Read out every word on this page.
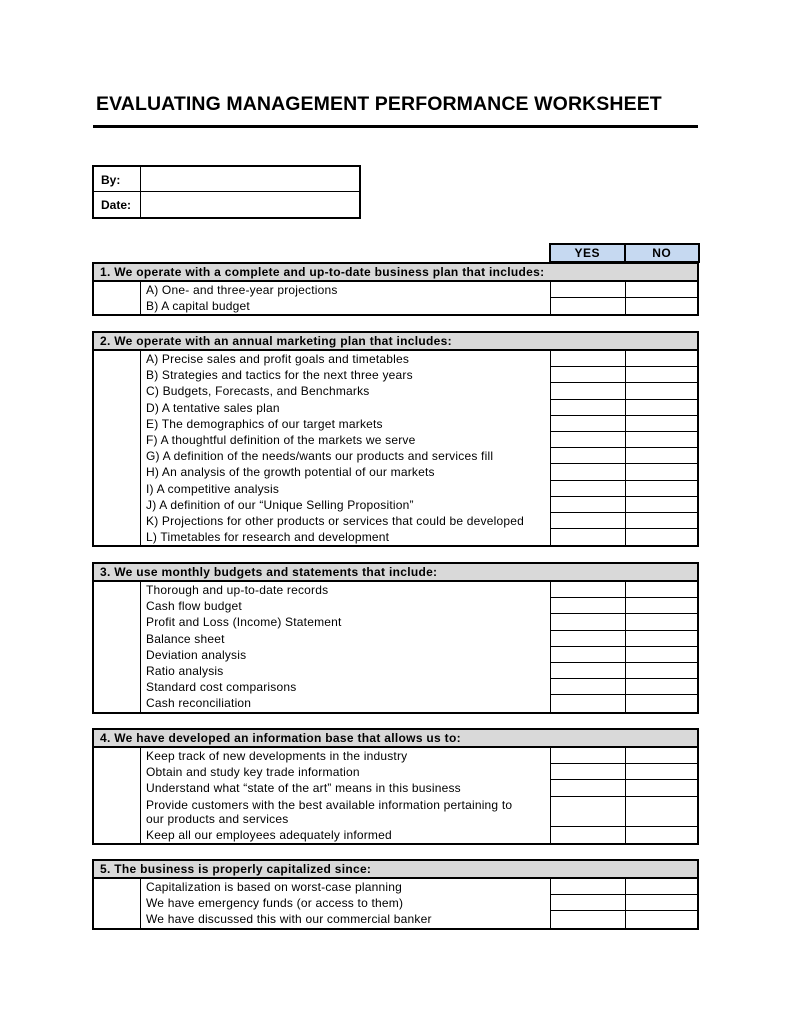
EVALUATING MANAGEMENT PERFORMANCE WORKSHEET
By:
Date:
YES	NO
1. We operate with a complete and up-to-date business plan that includes:
A) One- and three-year projections
B) A capital budget
2. We operate with an annual marketing plan that includes:
A) Precise sales and profit goals and timetables
B) Strategies and tactics for the next three years
C) Budgets, Forecasts, and Benchmarks
D) A tentative sales plan
E) The demographics of our target markets
F) A thoughtful definition of the markets we serve
G) A definition of the needs/wants our products and services fill
H) An analysis of the growth potential of our markets
I) A competitive analysis
J) A definition of our “Unique Selling Proposition”
K) Projections for other products or services that could be developed
L) Timetables for research and development
3. We use monthly budgets and statements that include:
Thorough and up-to-date records
Cash flow budget
Profit and Loss (Income) Statement
Balance sheet
Deviation analysis
Ratio analysis
Standard cost comparisons
Cash reconciliation
4. We have developed an information base that allows us to:
Keep track of new developments in the industry
Obtain and study key trade information
Understand what “state of the art” means in this business
Provide customers with the best available information pertaining to
our products and services
Keep all our employees adequately informed
5. The business is properly capitalized since:
Capitalization is based on worst-case planning
We have emergency funds (or access to them)
We have discussed this with our commercial banker
